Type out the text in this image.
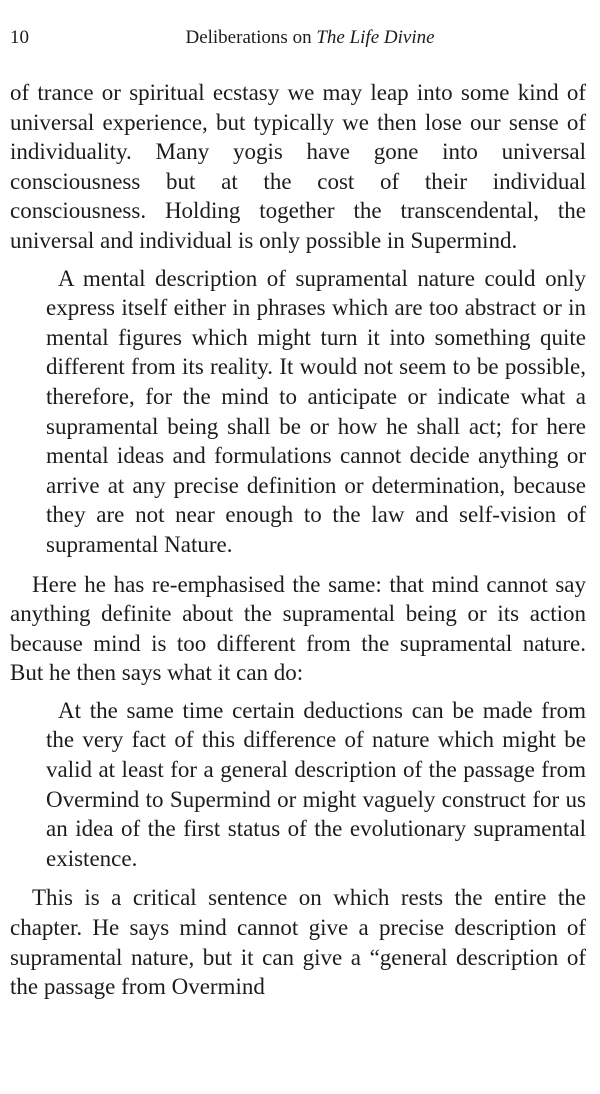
10	Deliberations on The Life Divine

of trance or spiritual ecstasy we may leap into some kind of universal experience, but typically we then lose our sense of individuality. Many yogis have gone into universal consciousness but at the cost of their individual consciousness. Holding together the transcendental, the universal and individual is only possible in Supermind.

A mental description of supramental nature could only express itself either in phrases which are too abstract or in mental figures which might turn it into something quite different from its reality. It would not seem to be possible, therefore, for the mind to anticipate or indicate what a supramental being shall be or how he shall act; for here mental ideas and formulations cannot decide anything or arrive at any precise definition or determination, because they are not near enough to the law and self-vision of supramental Nature.

Here he has re-emphasised the same: that mind cannot say anything definite about the supramental being or its action because mind is too different from the supramental nature. But he then says what it can do:

At the same time certain deductions can be made from the very fact of this difference of nature which might be valid at least for a general description of the passage from Overmind to Supermind or might vaguely construct for us an idea of the first status of the evolutionary supramental existence.

This is a critical sentence on which rests the entire the chapter. He says mind cannot give a precise description of supramental nature, but it can give a “general description of the passage from Overmind
